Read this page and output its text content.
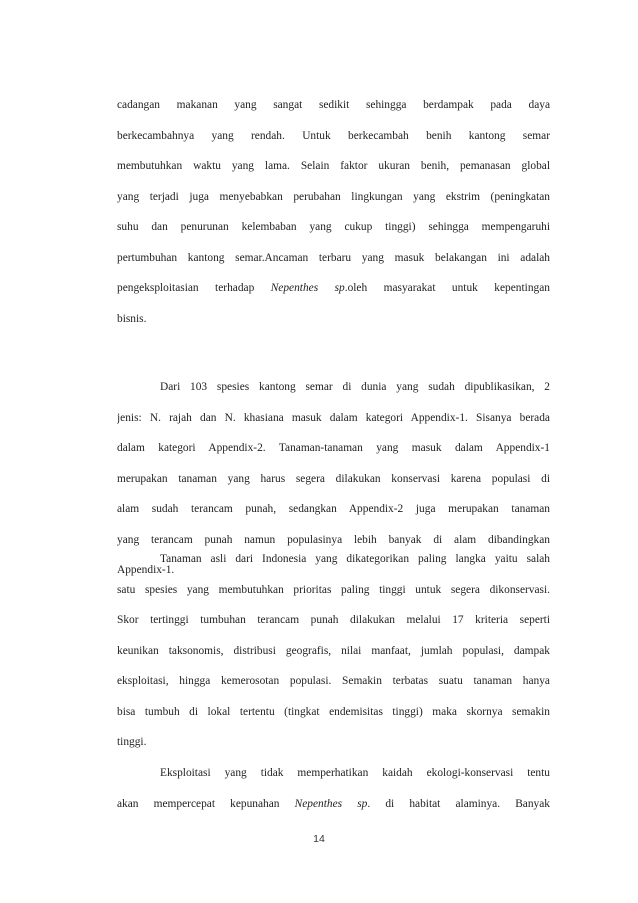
cadangan makanan yang sangat sedikit sehingga berdampak pada daya
berkecambahnya yang rendah. Untuk berkecambah benih kantong semar
membutuhkan waktu yang lama. Selain faktor ukuran benih, pemanasan global
yang terjadi juga menyebabkan perubahan lingkungan yang ekstrim (peningkatan
suhu dan penurunan kelembaban yang cukup tinggi) sehingga mempengaruhi
pertumbuhan kantong semar.Ancaman terbaru yang masuk belakangan ini adalah
pengeksploitasian terhadap Nepenthes sp.oleh masyarakat untuk kepentingan
bisnis.
Dari 103 spesies kantong semar di dunia yang sudah dipublikasikan, 2
jenis: N. rajah dan N. khasiana masuk dalam kategori Appendix-1. Sisanya berada
dalam kategori Appendix-2. Tanaman-tanaman yang masuk dalam Appendix-1
merupakan tanaman yang harus segera dilakukan konservasi karena populasi di
alam sudah terancam punah, sedangkan Appendix-2 juga merupakan tanaman
yang terancam punah namun populasinya lebih banyak di alam dibandingkan
Appendix-1.
Tanaman asli dari Indonesia yang dikategorikan paling langka yaitu salah
satu spesies yang membutuhkan prioritas paling tinggi untuk segera dikonservasi.
Skor tertinggi tumbuhan terancam punah dilakukan melalui 17 kriteria seperti
keunikan taksonomis, distribusi geografis, nilai manfaat, jumlah populasi, dampak
eksploitasi, hingga kemerosotan populasi. Semakin terbatas suatu tanaman hanya
bisa tumbuh di lokal tertentu (tingkat endemisitas tinggi) maka skornya semakin
tinggi.
Eksploitasi yang tidak memperhatikan kaidah ekologi-konservasi tentu
akan mempercepat kepunahan Nepenthes sp. di habitat alaminya. Banyak
14
